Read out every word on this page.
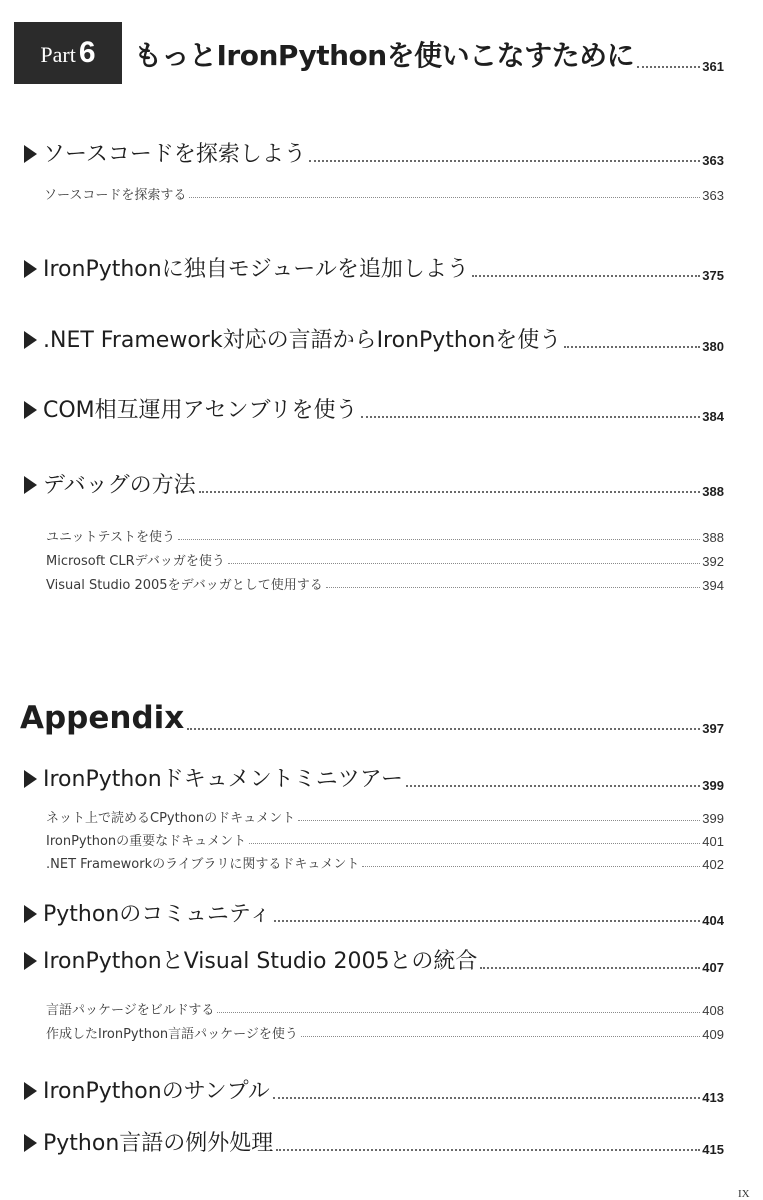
Part 6 もっとIronPythonを使いこなすために	361
ソースコードを探索しよう	363
ソースコードを探索する	363
IronPythonに独自モジュールを追加しよう	375
.NET Framework対応の言語からIronPythonを使う	380
COM相互運用アセンブリを使う	384
デバッグの方法	388
ユニットテストを使う	388
Microsoft CLRデバッガを使う	392
Visual Studio 2005をデバッガとして使用する	394
Appendix	397
IronPythonドキュメントミニツアー	399
ネット上で読めるCPythonのドキュメント	399
IronPythonの重要なドキュメント	401
.NET Frameworkのライブラリに関するドキュメント	402
Pythonのコミュニティ	404
IronPythonとVisual Studio 2005との統合	407
言語パッケージをビルドする	408
作成したIronPython言語パッケージを使う	409
IronPythonのサンプル	413
Python言語の例外処理	415
IX
